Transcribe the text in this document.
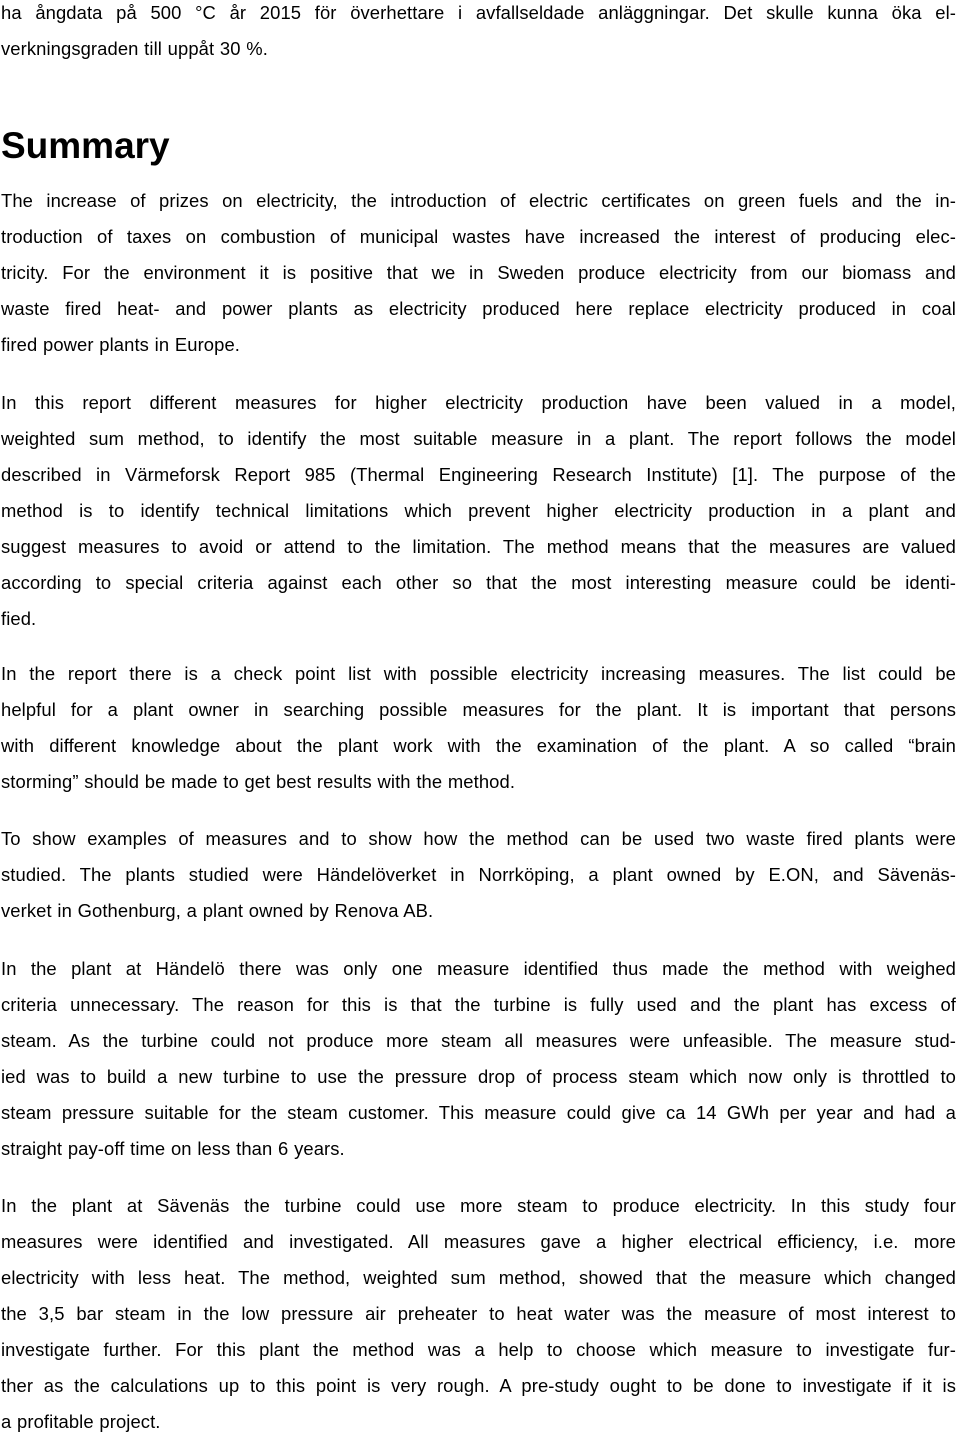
ha ångdata på 500 °C år 2015 för överhettare i avfallseldade anläggningar. Det skulle kunna öka el-
verkningsgraden till uppåt 30 %.
Summary
The increase of prizes on electricity, the introduction of electric certificates on green fuels and the in-
troduction of taxes on combustion of municipal wastes have increased the interest of producing elec-
tricity. For the environment it is positive that we in Sweden produce electricity from our biomass and
waste fired heat- and power plants as electricity produced here replace electricity produced in coal
fired power plants in Europe.
In this report different measures for higher electricity production have been valued in a model,
weighted sum method, to identify the most suitable measure in a plant. The report follows the model
described in Värmeforsk Report 985 (Thermal Engineering Research Institute) [1]. The purpose of the
method is to identify technical limitations which prevent higher electricity production in a plant and
suggest measures to avoid or attend to the limitation. The method means that the measures are valued
according to special criteria against each other so that the most interesting measure could be identi-
fied.
In the report there is a check point list with possible electricity increasing measures. The list could be
helpful for a plant owner in searching possible measures for the plant. It is important that persons
with different knowledge about the plant work with the examination of the plant. A so called “brain
storming” should be made to get best results with the method.
To show examples of measures and to show how the method can be used two waste fired plants were
studied. The plants studied were Händelöverket in Norrköping, a plant owned by E.ON, and Sävenäs-
verket in Gothenburg, a plant owned by Renova AB.
In the plant at Händelö there was only one measure identified thus made the method with weighed
criteria unnecessary. The reason for this is that the turbine is fully used and the plant has excess of
steam. As the turbine could not produce more steam all measures were unfeasible. The measure stud-
ied was to build a new turbine to use the pressure drop of process steam which now only is throttled to
steam pressure suitable for the steam customer. This measure could give ca 14 GWh per year and had a
straight pay-off time on less than 6 years.
In the plant at Sävenäs the turbine could use more steam to produce electricity. In this study four
measures were identified and investigated. All measures gave a higher electrical efficiency, i.e. more
electricity with less heat. The method, weighted sum method, showed that the measure which changed
the 3,5 bar steam in the low pressure air preheater to heat water was the measure of most interest to
investigate further. For this plant the method was a help to choose which measure to investigate fur-
ther as the calculations up to this point is very rough. A pre-study ought to be done to investigate if it is
a profitable project.
